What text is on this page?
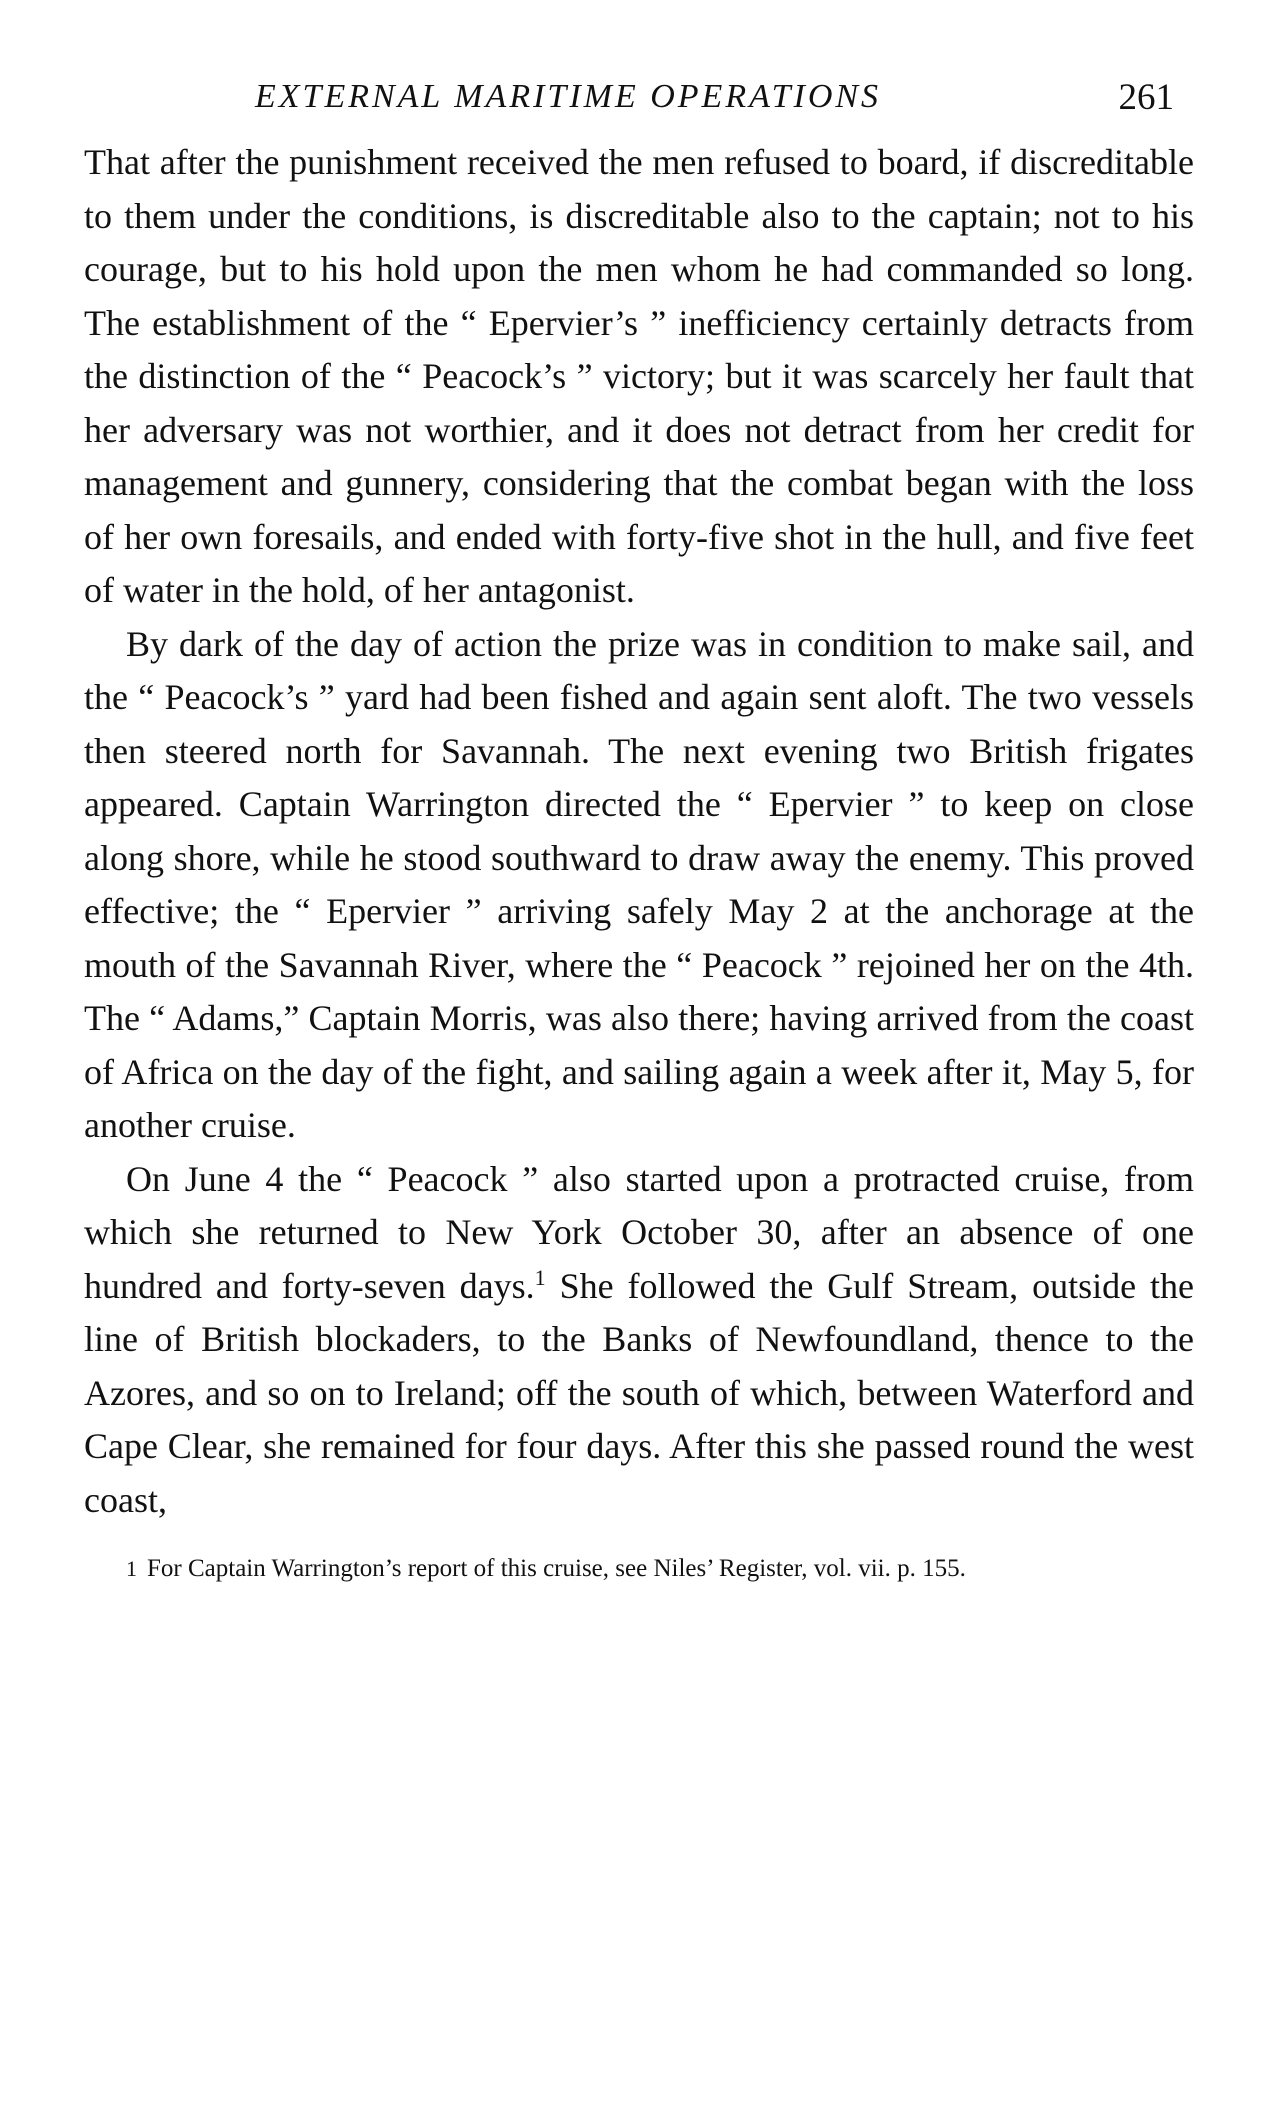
EXTERNAL MARITIME OPERATIONS	261

That after the punishment received the men refused to board, if discreditable to them under the conditions, is discreditable also to the captain; not to his courage, but to his hold upon the men whom he had commanded so long. The establishment of the “ Epervier’s ” inefficiency certainly detracts from the distinction of the “ Peacock’s ” victory; but it was scarcely her fault that her adversary was not worthier, and it does not detract from her credit for management and gunnery, considering that the combat began with the loss of her own foresails, and ended with forty-five shot in the hull, and five feet of water in the hold, of her antagonist.

By dark of the day of action the prize was in condition to make sail, and the “ Peacock’s ” yard had been fished and again sent aloft. The two vessels then steered north for Savannah. The next evening two British frigates appeared. Captain Warrington directed the “ Epervier ” to keep on close along shore, while he stood southward to draw away the enemy. This proved effective; the “ Epervier ” arriving safely May 2 at the anchorage at the mouth of the Savannah River, where the “ Peacock ” rejoined her on the 4th. The “ Adams,” Captain Morris, was also there; having arrived from the coast of Africa on the day of the fight, and sailing again a week after it, May 5, for another cruise.

On June 4 the “ Peacock ” also started upon a protracted cruise, from which she returned to New York October 30, after an absence of one hundred and forty-seven days.$^1$ She followed the Gulf Stream, outside the line of British blockaders, to the Banks of Newfoundland, thence to the Azores, and so on to Ireland; off the south of which, between Waterford and Cape Clear, she remained for four days. After this she passed round the west coast,

1 For Captain Warrington’s report of this cruise, see Niles’ Register, vol. vii. p. 155.
